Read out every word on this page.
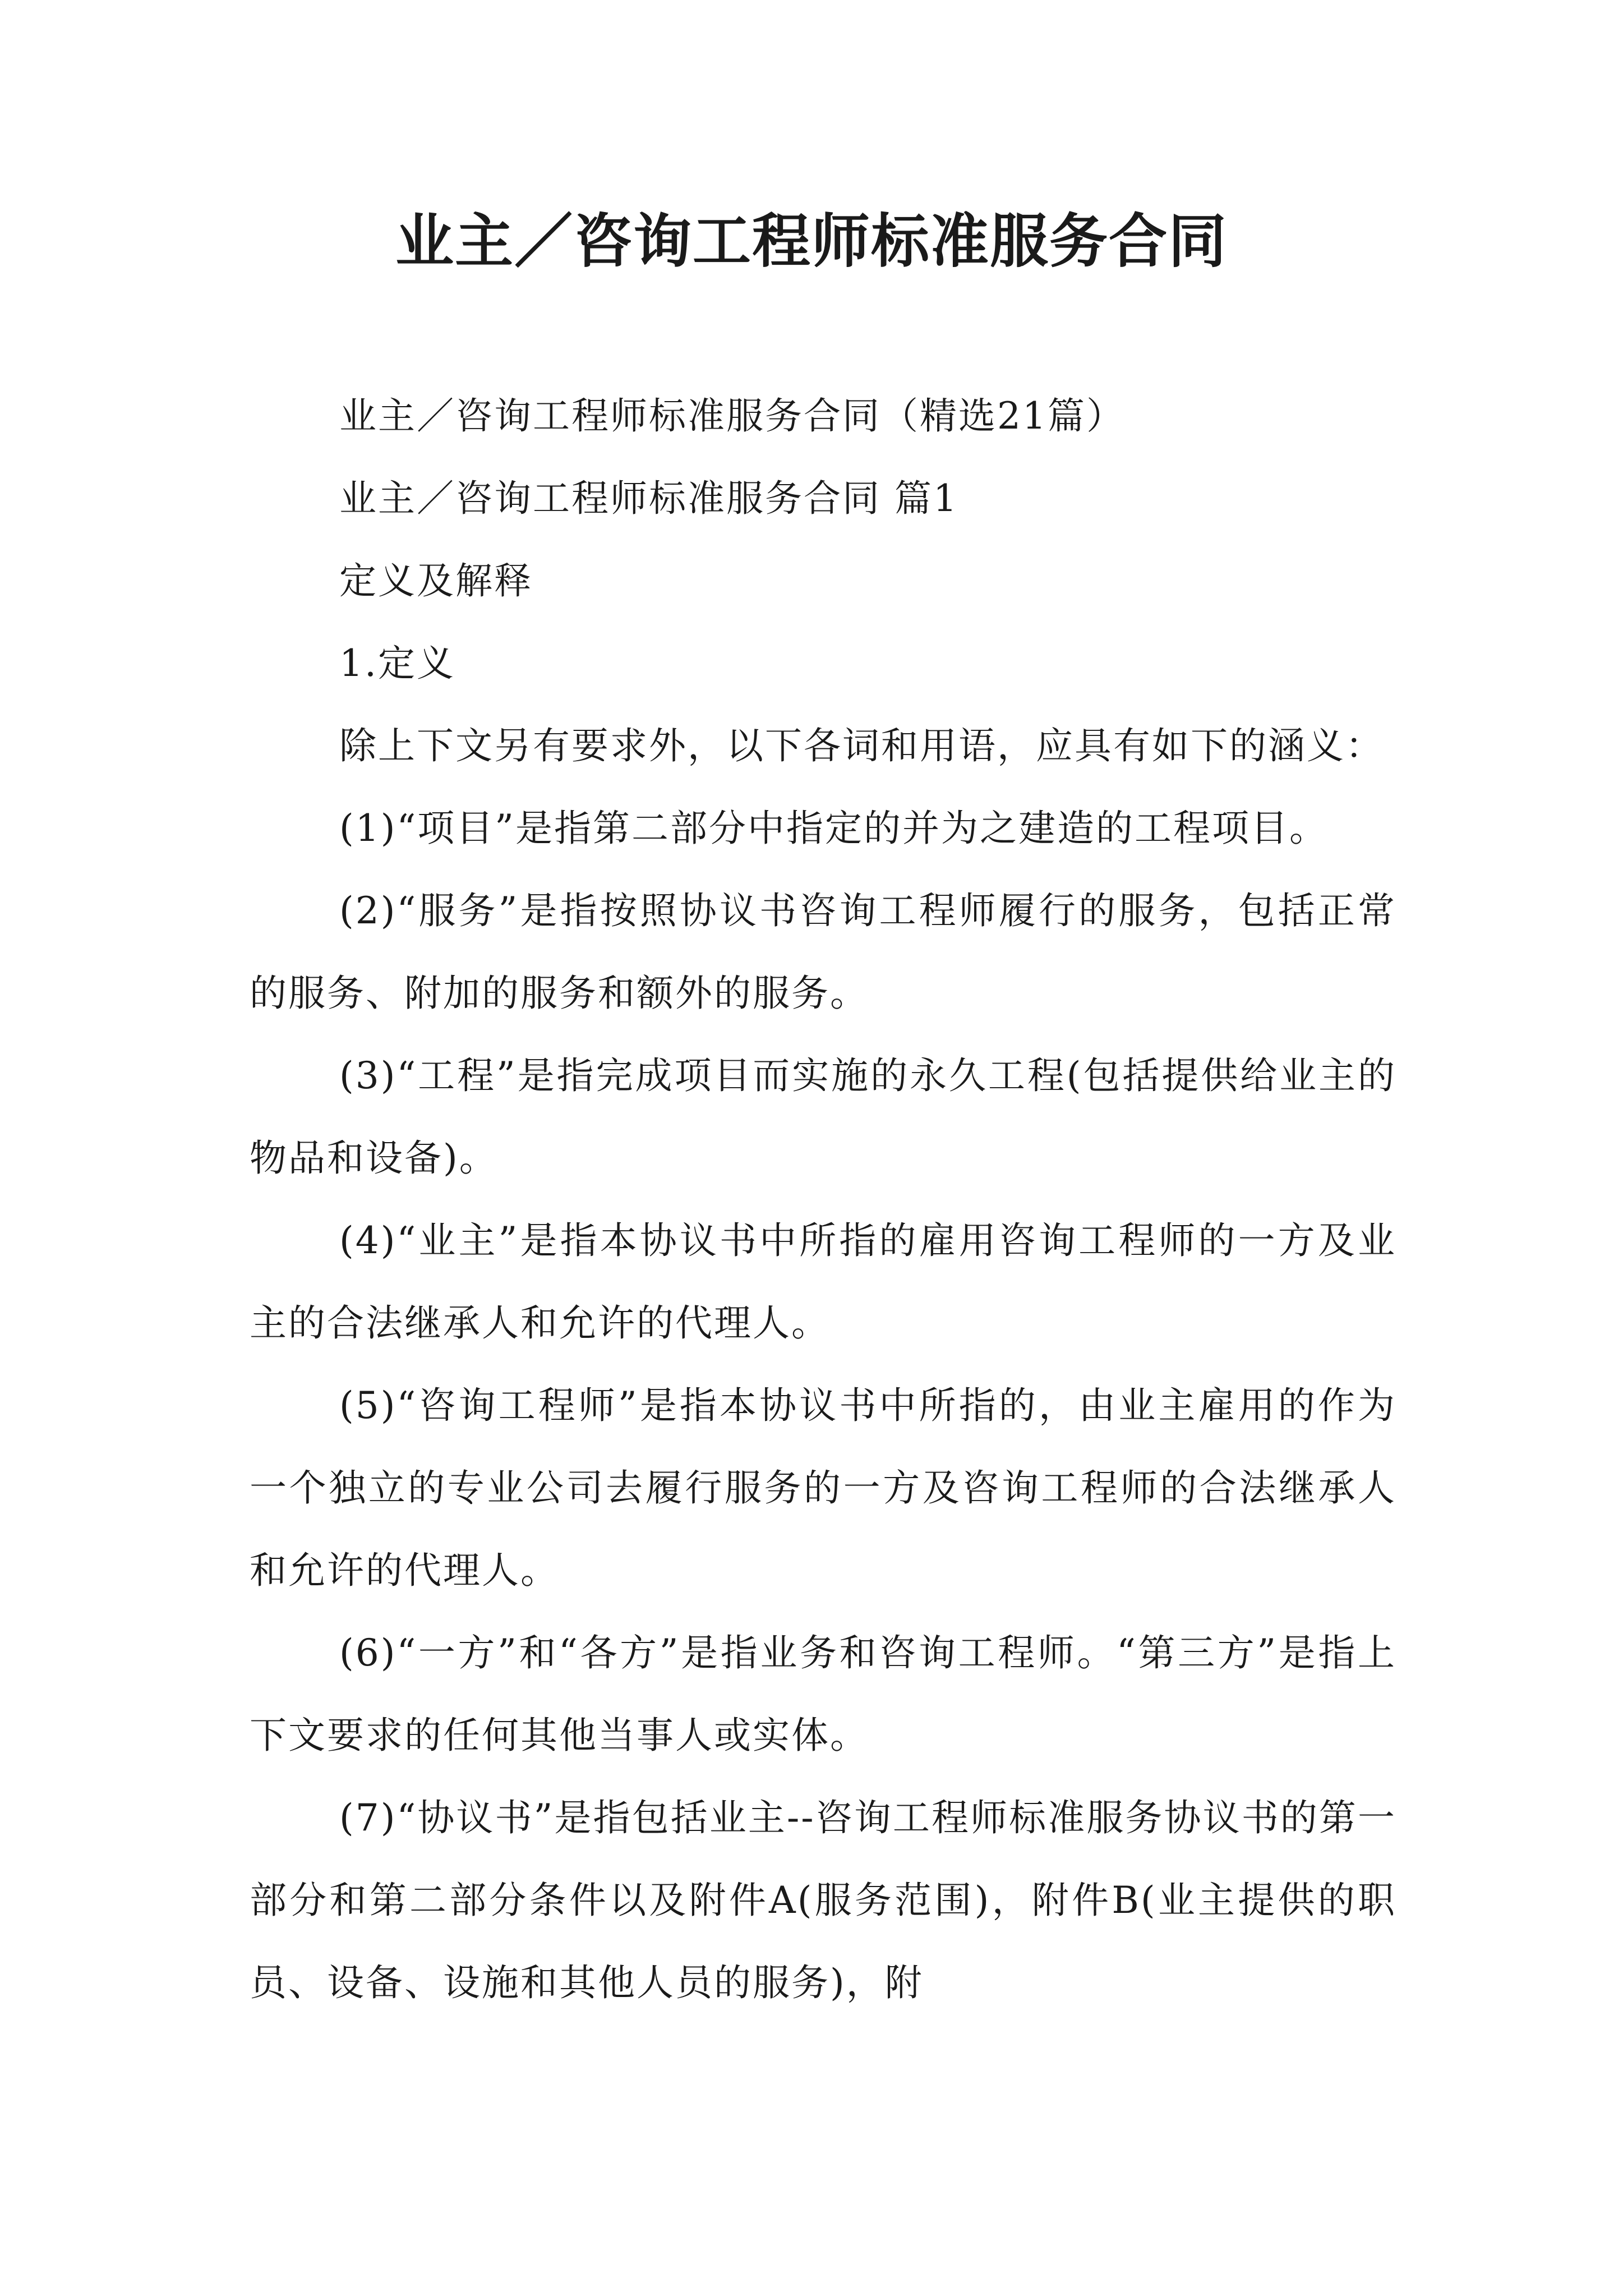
业主／咨询工程师标准服务合同

业主／咨询工程师标准服务合同（精选21篇）

业主／咨询工程师标准服务合同 篇1

定义及解释

1.定义

除上下文另有要求外，以下各词和用语，应具有如下的涵义：

(1)“项目”是指第二部分中指定的并为之建造的工程项目。

(2)“服务”是指按照协议书咨询工程师履行的服务，包括正常的服务、附加的服务和额外的服务。

(3)“工程”是指完成项目而实施的永久工程(包括提供给业主的物品和设备)。

(4)“业主”是指本协议书中所指的雇用咨询工程师的一方及业主的合法继承人和允许的代理人。

(5)“咨询工程师”是指本协议书中所指的，由业主雇用的作为一个独立的专业公司去履行服务的一方及咨询工程师的合法继承人和允许的代理人。

(6)“一方”和“各方”是指业务和咨询工程师。“第三方”是指上下文要求的任何其他当事人或实体。

(7)“协议书”是指包括业主--咨询工程师标准服务协议书的第一部分和第二部分条件以及附件A(服务范围)，附件B(业主提供的职员、设备、设施和其他人员的服务)，附
